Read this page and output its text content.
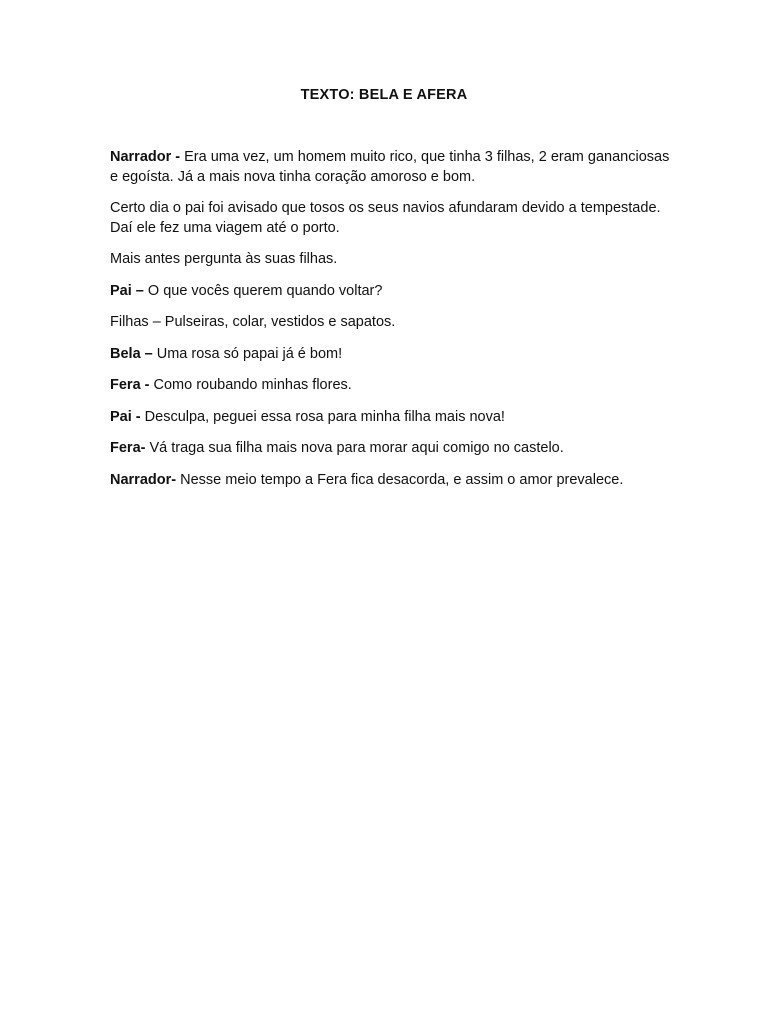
TEXTO: BELA E AFERA

Narrador - Era uma vez, um homem muito rico, que tinha 3 filhas, 2 eram gananciosas e egoísta. Já a mais nova tinha coração amoroso e bom.

Certo dia o pai foi avisado que tosos os seus navios afundaram devido a tempestade. Daí ele fez uma viagem até o porto.

Mais antes pergunta às suas filhas.

Pai – O que vocês querem quando voltar?

Filhas – Pulseiras, colar, vestidos e sapatos.

Bela – Uma rosa só papai já é bom!

Fera - Como roubando minhas flores.

Pai - Desculpa, peguei essa rosa para minha filha mais nova!

Fera- Vá traga sua filha mais nova para morar aqui comigo no castelo.

Narrador- Nesse meio tempo a Fera fica desacorda, e assim o amor prevalece.
